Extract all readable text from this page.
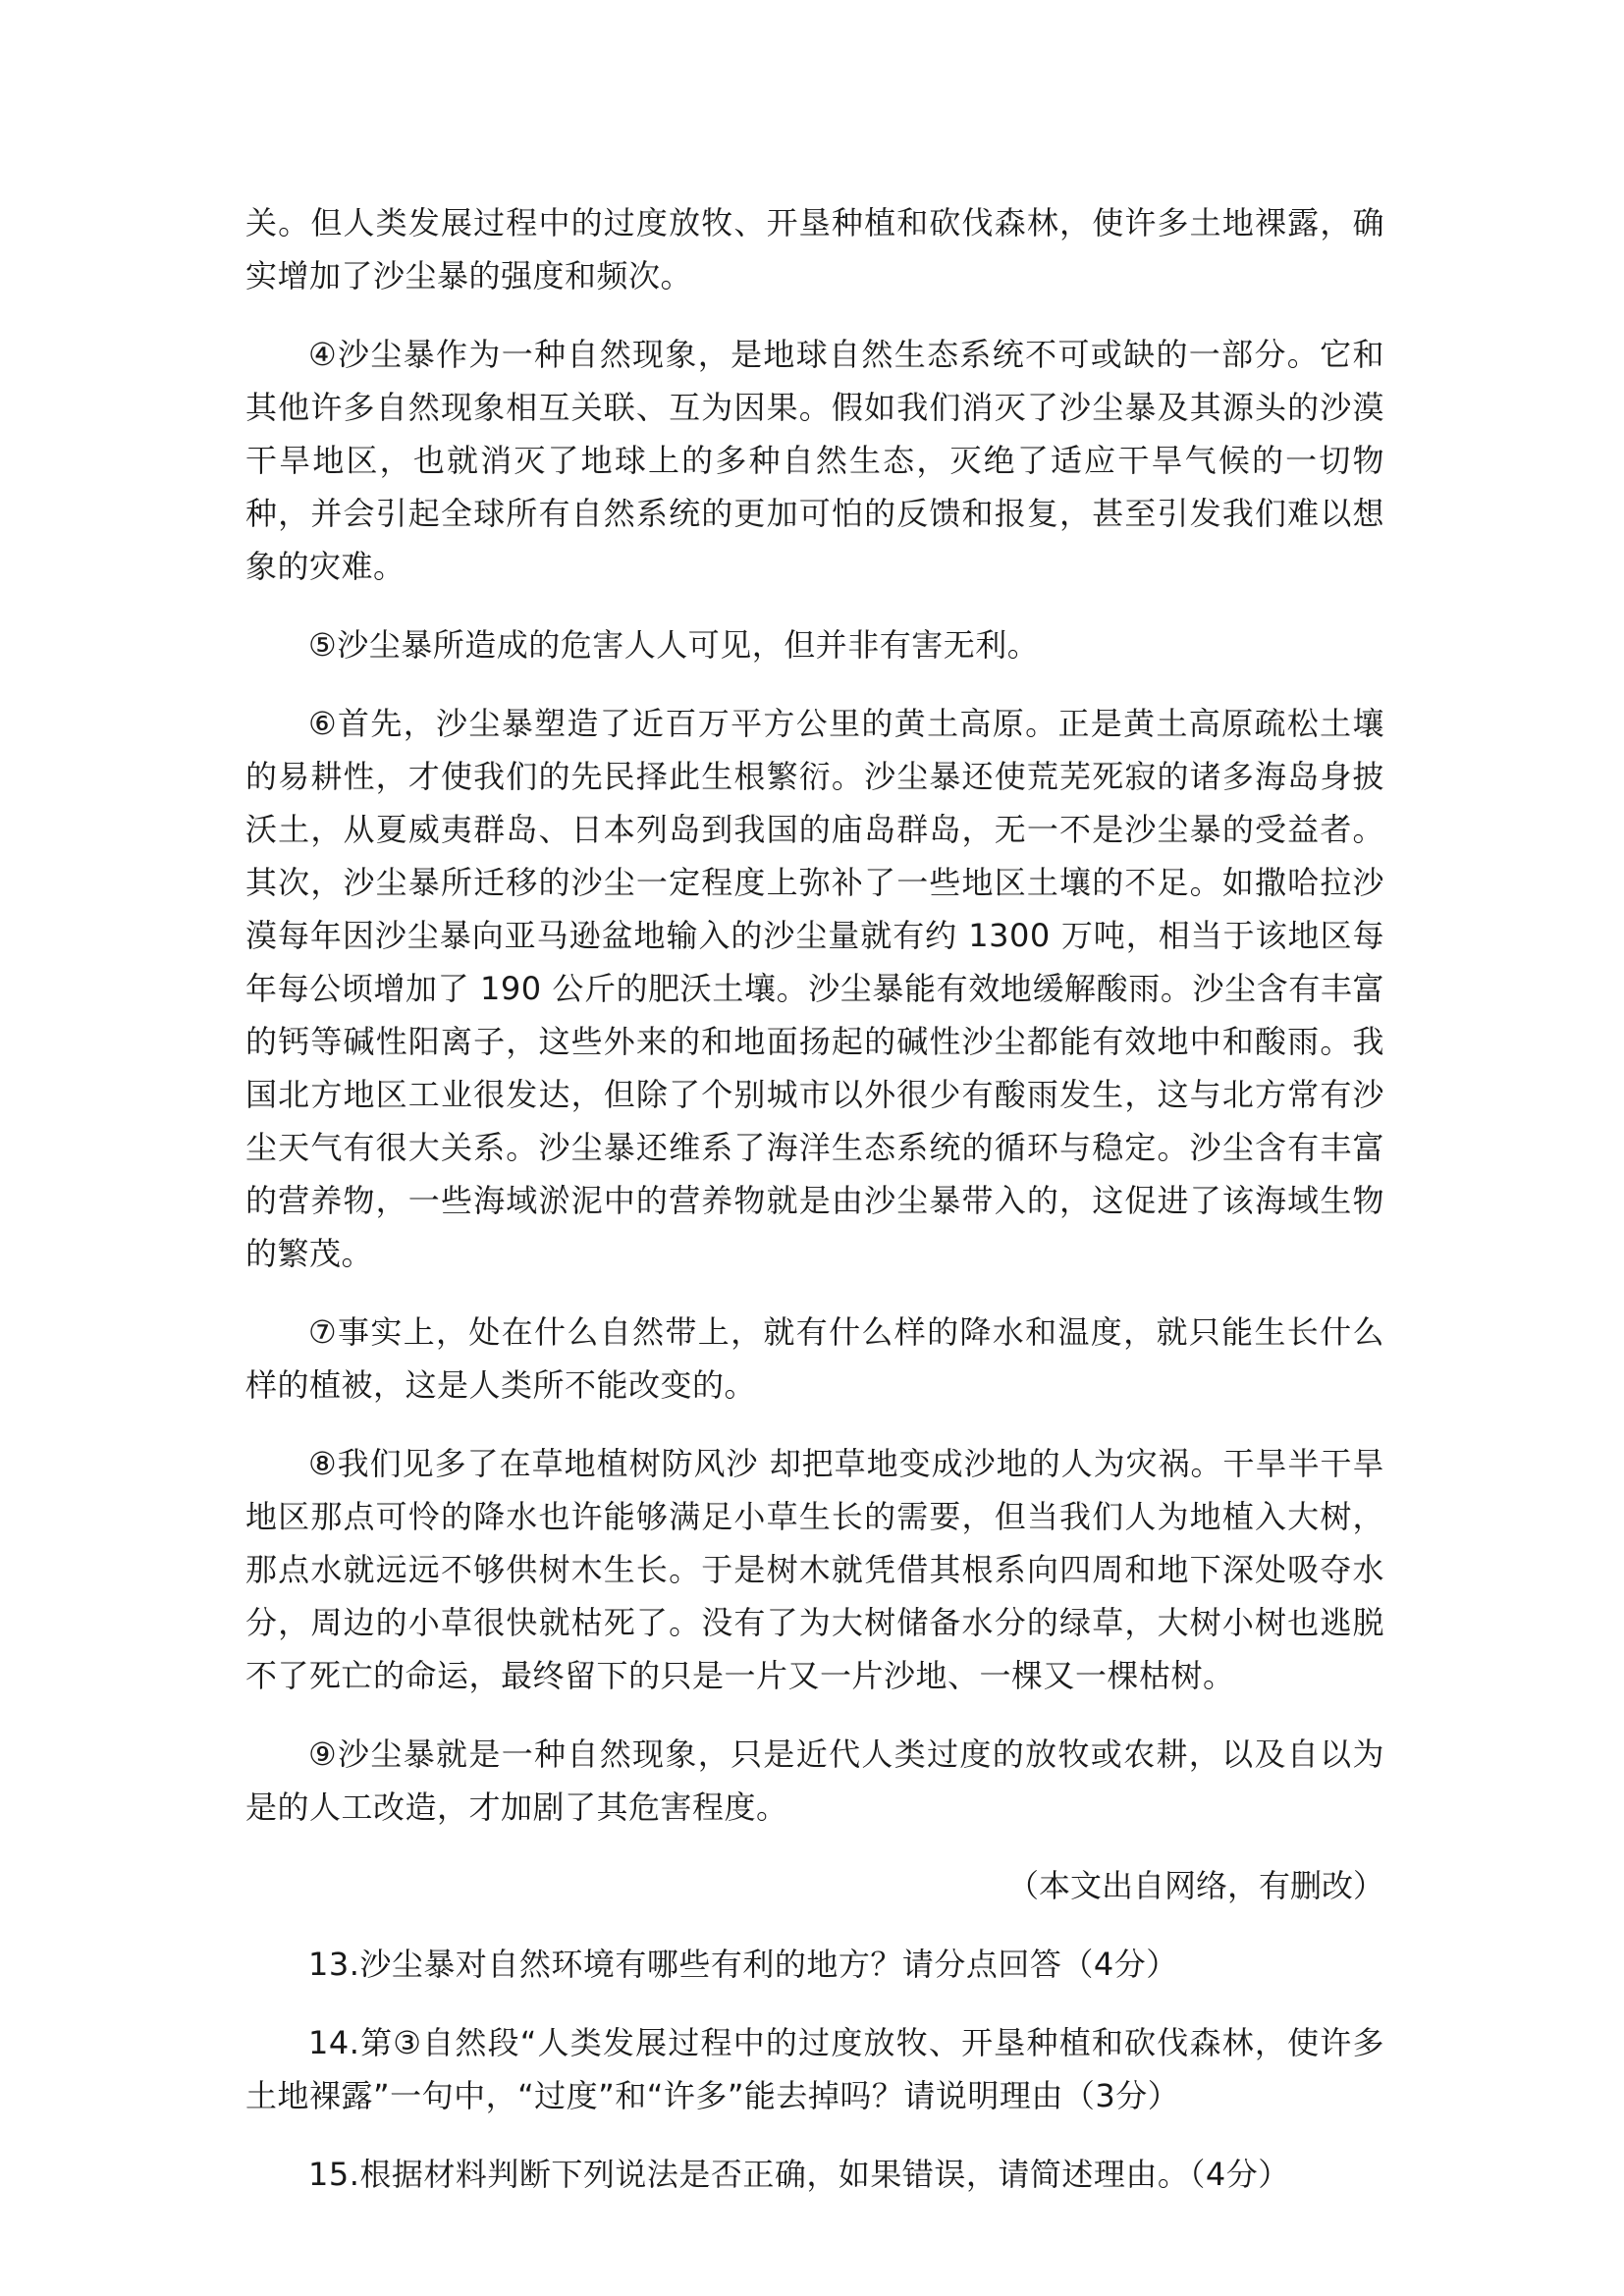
关。但人类发展过程中的过度放牧、开垦种植和砍伐森林，使许多土地裸露，确实增加了沙尘暴的强度和频次。

④沙尘暴作为一种自然现象，是地球自然生态系统不可或缺的一部分。它和其他许多自然现象相互关联、互为因果。假如我们消灭了沙尘暴及其源头的沙漠干旱地区，也就消灭了地球上的多种自然生态，灭绝了适应干旱气候的一切物种，并会引起全球所有自然系统的更加可怕的反馈和报复，甚至引发我们难以想象的灾难。

⑤沙尘暴所造成的危害人人可见，但并非有害无利。

⑥首先，沙尘暴塑造了近百万平方公里的黄土高原。正是黄土高原疏松土壤的易耕性，才使我们的先民择此生根繁衍。沙尘暴还使荒芜死寂的诸多海岛身披沃土，从夏威夷群岛、日本列岛到我国的庙岛群岛，无一不是沙尘暴的受益者。其次，沙尘暴所迁移的沙尘一定程度上弥补了一些地区土壤的不足。如撒哈拉沙漠每年因沙尘暴向亚马逊盆地输入的沙尘量就有约 1300 万吨，相当于该地区每年每公顷增加了 190 公斤的肥沃土壤。沙尘暴能有效地缓解酸雨。沙尘含有丰富的钙等碱性阳离子，这些外来的和地面扬起的碱性沙尘都能有效地中和酸雨。我国北方地区工业很发达，但除了个别城市以外很少有酸雨发生，这与北方常有沙尘天气有很大关系。沙尘暴还维系了海洋生态系统的循环与稳定。沙尘含有丰富的营养物，一些海域淤泥中的营养物就是由沙尘暴带入的，这促进了该海域生物的繁茂。

⑦事实上，处在什么自然带上，就有什么样的降水和温度，就只能生长什么样的植被，这是人类所不能改变的。

⑧我们见多了在草地植树防风沙 却把草地变成沙地的人为灾祸。干旱半干旱地区那点可怜的降水也许能够满足小草生长的需要，但当我们人为地植入大树，那点水就远远不够供树木生长。于是树木就凭借其根系向四周和地下深处吸夺水分，周边的小草很快就枯死了。没有了为大树储备水分的绿草，大树小树也逃脱不了死亡的命运，最终留下的只是一片又一片沙地、一棵又一棵枯树。

⑨沙尘暴就是一种自然现象，只是近代人类过度的放牧或农耕，以及自以为是的人工改造，才加剧了其危害程度。

（本文出自网络，有删改）

13.沙尘暴对自然环境有哪些有利的地方？请分点回答（4分）

14.第③自然段“人类发展过程中的过度放牧、开垦种植和砍伐森林，使许多土地裸露”一句中，“过度”和“许多”能去掉吗？请说明理由（3分）

15.根据材料判断下列说法是否正确，如果错误，请简述理由。（4分）
